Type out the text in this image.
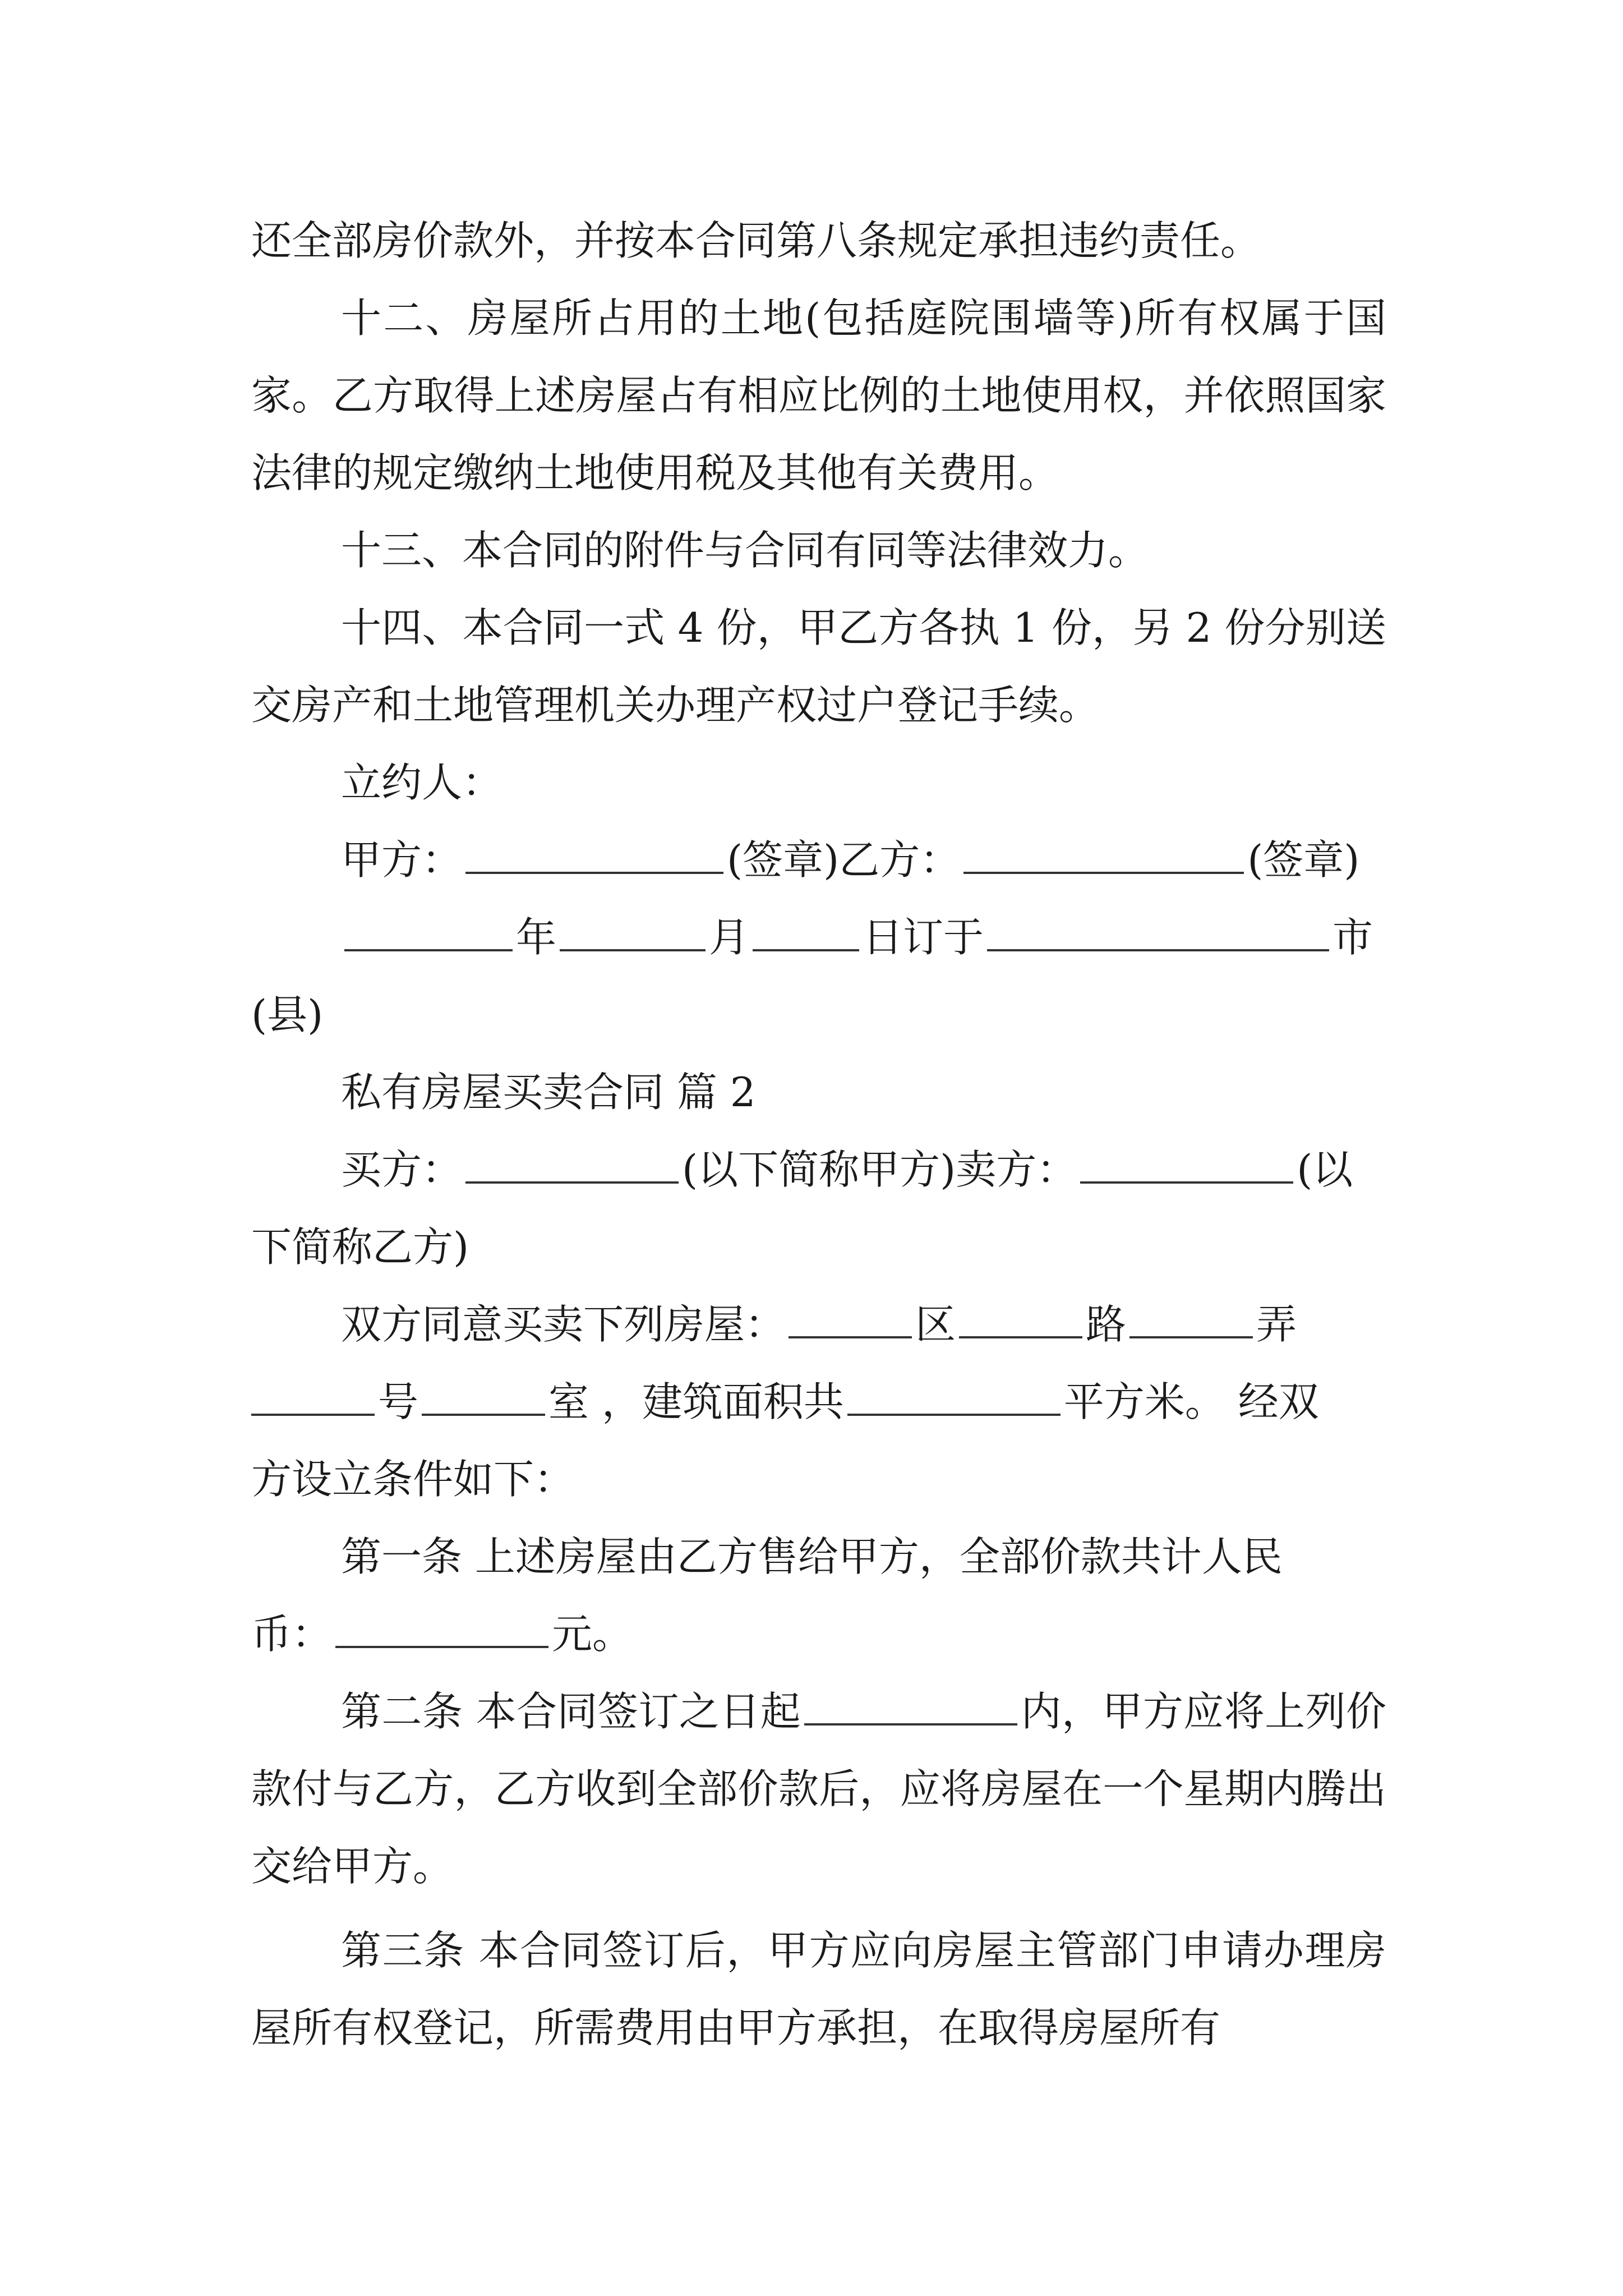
还全部房价款外，并按本合同第八条规定承担违约责任。

十二、房屋所占用的土地(包括庭院围墙等)所有权属于国家。乙方取得上述房屋占有相应比例的土地使用权，并依照国家法律的规定缴纳土地使用税及其他有关费用。

十三、本合同的附件与合同有同等法律效力。

十四、本合同一式 4 份，甲乙方各执 1 份，另 2 份分别送交房产和土地管理机关办理产权过户登记手续。

立约人：

甲方：	(签章)乙方：	(签章)

年	月	日订于	市

(县)

私有房屋买卖合同 篇 2

买方：	(以下简称甲方)卖方：	(以

下简称乙方)

双方同意买卖下列房屋：	区	路	弄

号	室 ，建筑面积共	平方米。 经双

方设立条件如下：

第一条 上述房屋由乙方售给甲方，全部价款共计人民

币：	元。

第二条 本合同签订之日起	内，甲方应将上列价款付与乙方，乙方收到全部价款后，应将房屋在一个星期内腾出交给甲方。

第三条 本合同签订后，甲方应向房屋主管部门申请办理房屋所有权登记，所需费用由甲方承担，在取得房屋所有
